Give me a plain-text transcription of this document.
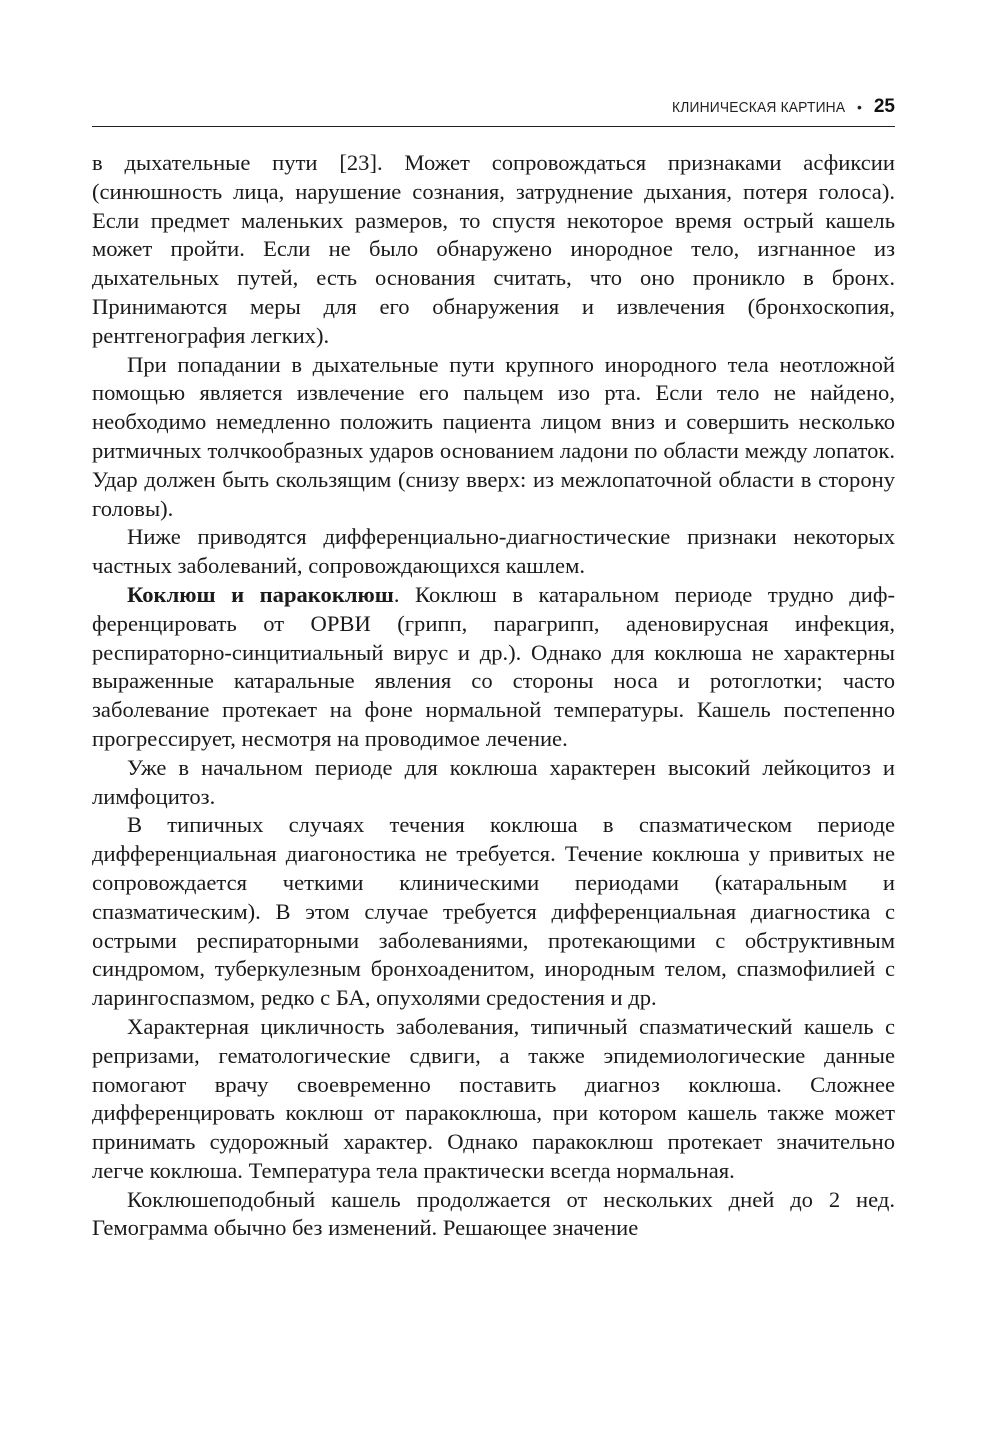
КЛИНИЧЕСКАЯ КАРТИНА • 25

в дыхательные пути [23]. Может сопровождаться признаками асфиксии (синюшность лица, нарушение сознания, затруднение дыхания, потеря голоса). Если предмет маленьких размеров, то спустя некоторое время острый кашель может пройти. Если не было обнаружено инородное тело, изгнанное из дыхательных путей, есть основания считать, что оно проникло в бронх. Принимаются меры для его обнаружения и извлечения (бронхоскопия, рентгенография легких).

При попадании в дыхательные пути крупного инородного тела неотложной помощью является извлечение его пальцем изо рта. Если тело не найдено, необходимо немедленно положить пациента лицом вниз и совершить несколько ритмичных толчкообразных ударов основанием ладони по области между лопаток. Удар должен быть скользящим (снизу вверх: из межлопаточной области в сторону головы).

Ниже приводятся дифференциально-диагностические признаки некоторых частных заболеваний, сопровождающихся кашлем.

Коклюш и паракоклюш. Коклюш в катаральном периоде трудно дифференцировать от ОРВИ (грипп, парагрипп, аденовирусная инфекция, респираторно-синцитиальный вирус и др.). Однако для коклюша не характерны выраженные катаральные явления со стороны носа и ротоглотки; часто заболевание протекает на фоне нормальной температуры. Кашель постепенно прогрессирует, несмотря на проводимое лечение.

Уже в начальном периоде для коклюша характерен высокий лейкоцитоз и лимфоцитоз.

В типичных случаях течения коклюша в спазматическом периоде дифференциальная диагоностика не требуется. Течение коклюша у привитых не сопровождается четкими клиническими периодами (катаральным и спазматическим). В этом случае требуется дифференциальная диагностика с острыми респираторными заболеваниями, протекающими с обструктивным синдромом, туберкулезным бронхоаденитом, инородным телом, спазмофилией с ларингоспазмом, редко с БА, опухолями средостения и др.

Характерная цикличность заболевания, типичный спазматический кашель с репризами, гематологические сдвиги, а также эпидемиологические данные помогают врачу своевременно поставить диагноз коклюша. Сложнее дифференцировать коклюш от паракоклюша, при котором кашель также может принимать судорожный характер. Однако паракоклюш протекает значительно легче коклюша. Температура тела практически всегда нормальная.

Коклюшеподобный кашель продолжается от нескольких дней до 2 нед. Гемограмма обычно без изменений. Решающее значение
